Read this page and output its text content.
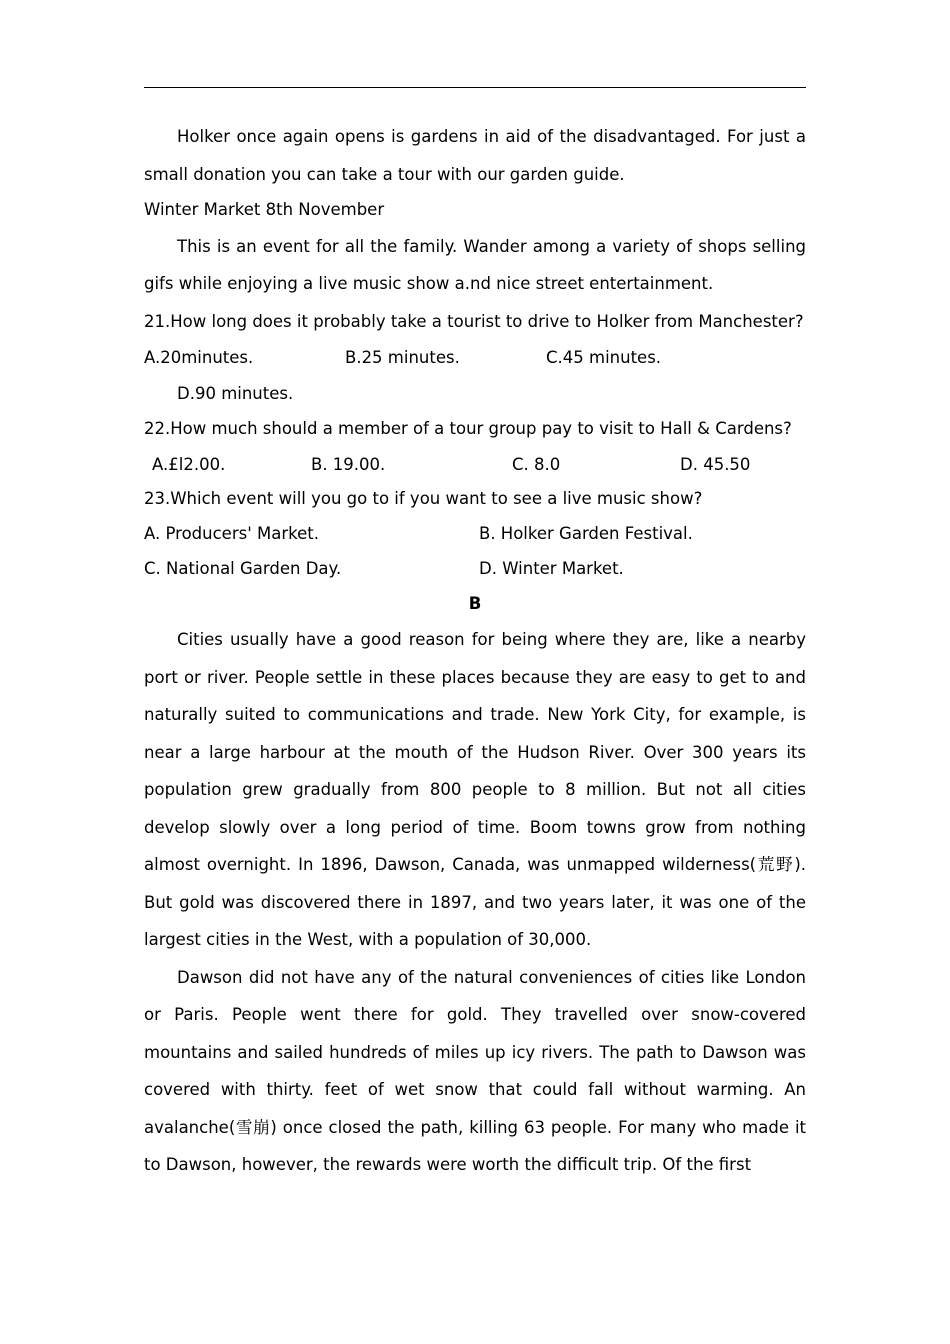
Holker once again opens is gardens in aid of the disadvantaged. For just a small donation you can take a tour with our garden guide.

Winter Market 8th November

This is an event for all the family. Wander among a variety of shops selling gifs while enjoying a live music show a.nd nice street entertainment.

21.How long does it probably take a tourist to drive to Holker from Manchester?

A.20minutes.	B.25 minutes.	C.45 minutes.

D.90 minutes.

22.How much should a member of a tour group pay to visit to Hall & Cardens?

A.£l2.00.	B. 19.00.	C. 8.0	D. 45.50

23.Which event will you go to if you want to see a live music show?

A. Producers' Market.	B. Holker Garden Festival.
C. National Garden Day.	D. Winter Market.

B

Cities usually have a good reason for being where they are, like a nearby port or river. People settle in these places because they are easy to get to and naturally suited to communications and trade. New York City, for example, is near a large harbour at the mouth of the Hudson River. Over 300 years its population grew gradually from 800 people to 8 million. But not all cities develop slowly over a long period of time. Boom towns grow from nothing almost overnight. In 1896, Dawson, Canada, was unmapped wilderness(荒野). But gold was discovered there in 1897, and two years later, it was one of the largest cities in the West, with a population of 30,000.

Dawson did not have any of the natural conveniences of cities like London or Paris. People went there for gold. They travelled over snow-covered mountains and sailed hundreds of miles up icy rivers. The path to Dawson was covered with thirty. feet of wet snow that could fall without warming. An avalanche(雪崩) once closed the path, killing 63 people. For many who made it to Dawson, however, the rewards were worth the difficult trip. Of the first
